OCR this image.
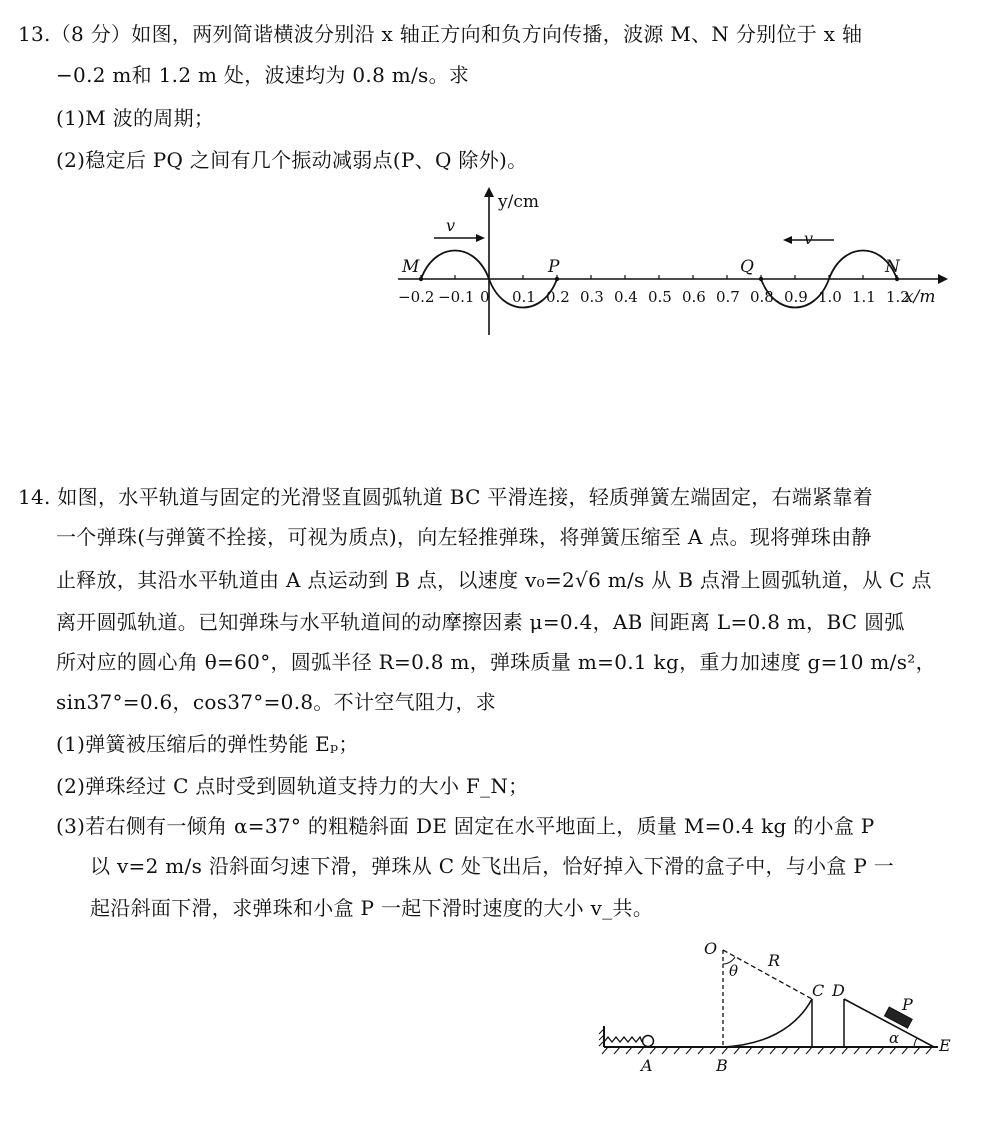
13.（8 分）如图，两列简谐横波分别沿 x 轴正方向和负方向传播，波源 M、N 分别位于 x 轴
−0.2 m和 1.2 m 处，波速均为 0.8 m/s。求
(1)M 波的周期；
(2)稳定后 PQ 之间有几个振动减弱点(P、Q 除外)。
y/cm
x/m
−0.2 −0.1 0 0.1 0.2 0.3 0.4 0.5 0.6 0.7 0.8 0.9 1.0 1.1 1.2
M	P	Q	N
v
v
14. 如图，水平轨道与固定的光滑竖直圆弧轨道 BC 平滑连接，轻质弹簧左端固定，右端紧靠着
一个弹珠(与弹簧不拴接，可视为质点)，向左轻推弹珠，将弹簧压缩至 A 点。现将弹珠由静
止释放，其沿水平轨道由 A 点运动到 B 点，以速度 v₀=2√6 m/s 从 B 点滑上圆弧轨道，从 C 点
离开圆弧轨道。已知弹珠与水平轨道间的动摩擦因素 μ=0.4，AB 间距离 L=0.8 m，BC 圆弧
所对应的圆心角 θ=60°，圆弧半径 R=0.8 m，弹珠质量 m=0.1 kg，重力加速度 g=10 m/s²，
sin37°=0.6，cos37°=0.8。不计空气阻力，求
(1)弹簧被压缩后的弹性势能 Eₚ；
(2)弹珠经过 C 点时受到圆轨道支持力的大小 F_N；
(3)若右侧有一倾角 α=37° 的粗糙斜面 DE 固定在水平地面上，质量 M=0.4 kg 的小盒 P
以 v=2 m/s 沿斜面匀速下滑，弹珠从 C 处飞出后，恰好掉入下滑的盒子中，与小盒 P 一
起沿斜面下滑，求弹珠和小盒 P 一起下滑时速度的大小 v_共。
A
O
θ
R
B
C D
E
P
α
